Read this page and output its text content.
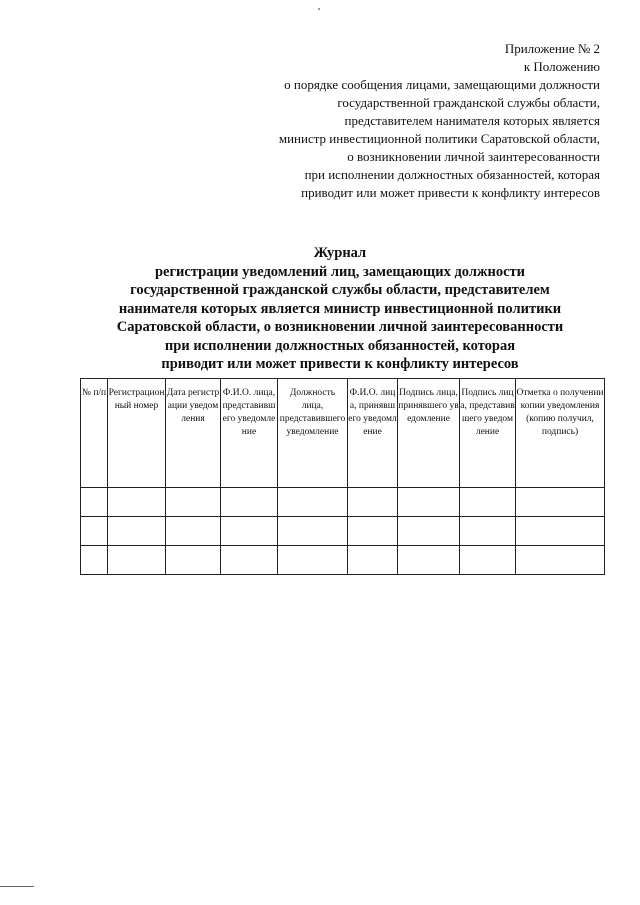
Приложение № 2
к Положению
о порядке сообщения лицами, замещающими должности
государственной гражданской службы области,
представителем нанимателя которых является
министр инвестиционной политики Саратовской области,
о возникновении личной заинтересованности
при исполнении должностных обязанностей, которая
приводит или может привести к конфликту интересов
Журнал
регистрации уведомлений лиц, замещающих должности
государственной гражданской службы области, представителем
нанимателя которых является министр инвестиционной политики
Саратовской области, о возникновении личной заинтересованности
при исполнении должностных обязанностей, которая
приводит или может привести к конфликту интересов
№ п/п	Регистрационный номер	Дата регистрации уведомления	Ф.И.О. лица, представившего уведомление	Должность лица, представившего уведомление	Ф.И.О. лица, принявшего уведомление	Подпись лица, принявшего уведомление	Подпись лица, представившего уведомление	Отметка о получении копии уведомления (копию получил, подпись)
